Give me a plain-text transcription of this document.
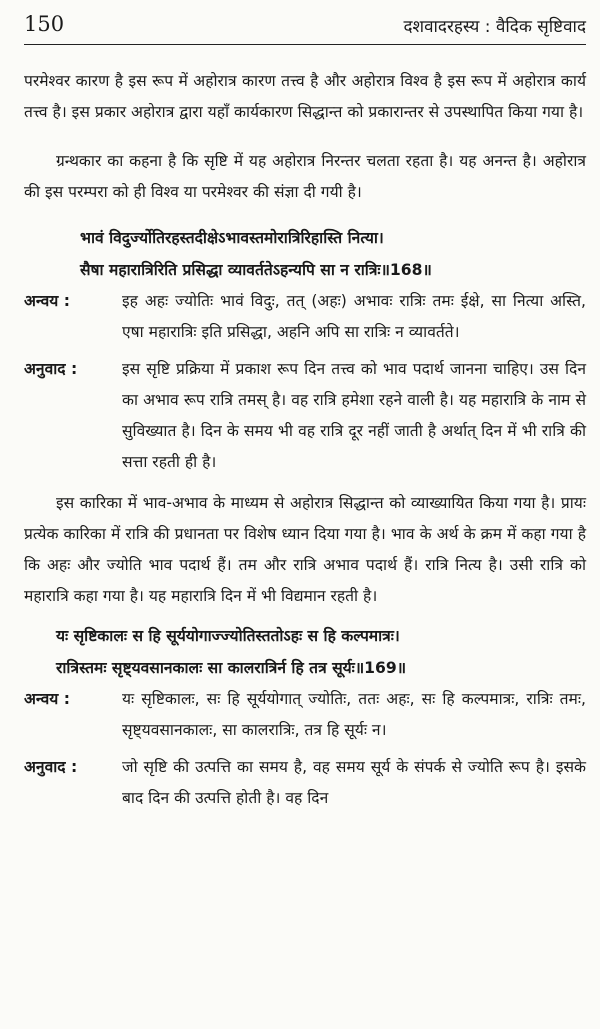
150	दशवादरहस्य : वैदिक सृष्टिवाद

परमेश्वर कारण है इस रूप में अहोरात्र कारण तत्त्व है और अहोरात्र विश्व है इस रूप में अहोरात्र कार्य तत्त्व है। इस प्रकार अहोरात्र द्वारा यहाँ कार्यकारण सिद्धान्त को प्रकारान्तर से उपस्थापित किया गया है।

ग्रन्थकार का कहना है कि सृष्टि में यह अहोरात्र निरन्तर चलता रहता है। यह अनन्त है। अहोरात्र की इस परम्परा को ही विश्व या परमेश्वर की संज्ञा दी गयी है।

भावं विदुर्ज्योतिरहस्तदीक्षेऽभावस्तमोरात्रिरिहास्ति नित्या।
सैषा महारात्रिरिति प्रसिद्धा व्यावर्ततेऽहन्यपि सा न रात्रिः॥168॥
अन्वय :	इह अहः ज्योतिः भावं विदुः, तत् (अहः) अभावः रात्रिः तमः ईक्षे, सा नित्या अस्ति, एषा महारात्रिः इति प्रसिद्धा, अहनि अपि सा रात्रिः न व्यावर्तते।
अनुवाद :	इस सृष्टि प्रक्रिया में प्रकाश रूप दिन तत्त्व को भाव पदार्थ जानना चाहिए। उस दिन का अभाव रूप रात्रि तमस् है। वह रात्रि हमेशा रहने वाली है। यह महारात्रि के नाम से सुविख्यात है। दिन के समय भी वह रात्रि दूर नहीं जाती है अर्थात् दिन में भी रात्रि की सत्ता रहती ही है।

इस कारिका में भाव-अभाव के माध्यम से अहोरात्र सिद्धान्त को व्याख्यायित किया गया है। प्रायः प्रत्येक कारिका में रात्रि की प्रधानता पर विशेष ध्यान दिया गया है। भाव के अर्थ के क्रम में कहा गया है कि अहः और ज्योति भाव पदार्थ हैं। तम और रात्रि अभाव पदार्थ हैं। रात्रि नित्य है। उसी रात्रि को महारात्रि कहा गया है। यह महारात्रि दिन में भी विद्यमान रहती है।

यः सृष्टिकालः स हि सूर्ययोगाज्ज्योतिस्ततोऽहः स हि कल्पमात्रः।
रात्रिस्तमः सृष्ट्यवसानकालः सा कालरात्रिर्न हि तत्र सूर्यः॥169॥
अन्वय :	यः सृष्टिकालः, सः हि सूर्ययोगात् ज्योतिः, ततः अहः, सः हि कल्पमात्रः, रात्रिः तमः, सृष्ट्यवसानकालः, सा कालरात्रिः, तत्र हि सूर्यः न।
अनुवाद :	जो सृष्टि की उत्पत्ति का समय है, वह समय सूर्य के संपर्क से ज्योति रूप है। इसके बाद दिन की उत्पत्ति होती है। वह दिन
